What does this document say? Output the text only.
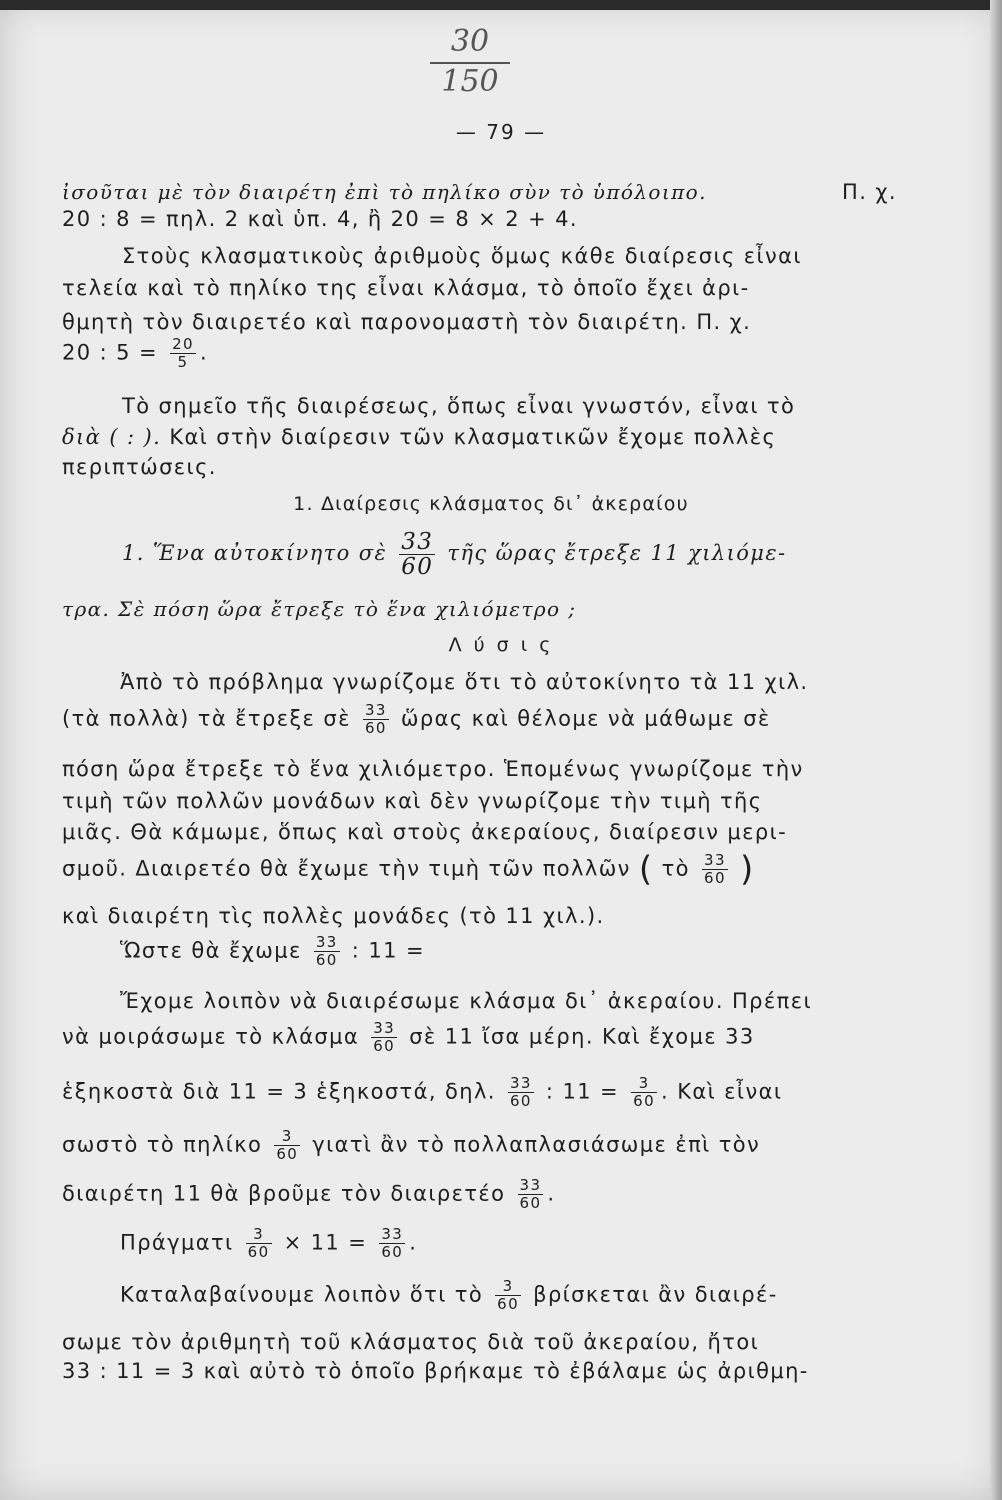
30
150
— 79 —
ἰσοῦται μὲ τὸν διαιρέτη ἐπὶ τὸ πηλίκο σὺν τὸ ὑπόλοιπο.	Π. χ.
20 : 8 = πηλ. 2 καὶ ὑπ. 4, ἢ 20 = 8 × 2 + 4.
Στοὺς κλασματικοὺς ἀριθμοὺς ὅμως κάθε διαίρεσις εἶναι
τελεία καὶ τὸ πηλίκο της εἶναι κλάσμα, τὸ ὁποῖο ἔχει ἀρι-
θμητὴ τὸν διαιρετέο καὶ παρονομαστὴ τὸν διαιρέτη. Π. χ.
20 : $5 = \frac{20}{5}$ .
Τὸ σημεῖο τῆς διαιρέσεως, ὅπως εἶναι γνωστόν, εἶναι τὸ
διὰ ( : ). Καὶ στὴν διαίρεσιν τῶν κλασματικῶν ἔχομε πολλὲς
περιπτώσεις.
1. Διαίρεσις κλάσματος δι᾿ ἀκεραίου
1. Ἕνα αὐτοκίνητο σὲ $\frac{33}{60}$ τῆς ὥρας ἔτρεξε 11 χιλιόμε-
τρα. Σὲ πόση ὥρα ἔτρεξε τὸ ἕνα χιλιόμετρο ;
Λ ύ σ ι ς
Ἀπὸ τὸ πρόβλημα γνωρίζομε ὅτι τὸ αὐτοκίνητο τὰ 11 χιλ.
(τὰ πολλὰ) τὰ ἔτρεξε σὲ $\frac{33}{60}$ ὥρας καὶ θέλομε νὰ μάθωμε σὲ
πόση ὥρα ἔτρεξε τὸ ἕνα χιλιόμετρο. Ἑπομένως γνωρίζομε τὴν
τιμὴ τῶν πολλῶν μονάδων καὶ δὲν γνωρίζομε τὴν τιμὴ τῆς
μιᾶς. Θὰ κάμωμε, ὅπως καὶ στοὺς ἀκεραίους, διαίρεσιν μερι-
σμοῦ. Διαιρετέο θὰ ἔχωμε τὴν τιμὴ τῶν πολλῶν ( τὸ $\frac{33}{60}$ )
καὶ διαιρέτη τὶς πολλὲς μονάδες (τὸ 11 χιλ.).
Ὥστε θὰ ἔχωμε $\frac{33}{60}$ : 11 =
Ἔχομε λοιπὸν νὰ διαιρέσωμε κλάσμα δι᾿ ἀκεραίου. Πρέπει
νὰ μοιράσωμε τὸ κλάσμα $\frac{33}{60}$ σὲ 11 ἴσα μέρη. Καὶ ἔχομε 33
ἑξηκοστὰ διὰ 11 = 3 ἑξηκοστά, δηλ. $\frac{33}{60}$ : $11 = \frac{3}{60}$ . Καὶ εἶναι
σωστὸ τὸ πηλίκο $\frac{3}{60}$ γιατὶ ἂν τὸ πολλαπλασιάσωμε ἐπὶ τὸν
διαιρέτη 11 θὰ βροῦμε τὸν διαιρετέο $\frac{33}{60}$ .
Πράγματι $\frac{3}{60} \times 11 = \frac{33}{60}$ .
Καταλαβαίνουμε λοιπὸν ὅτι τὸ $\frac{3}{60}$ βρίσκεται ἂν διαιρέ-
σωμε τὸν ἀριθμητὴ τοῦ κλάσματος διὰ τοῦ ἀκεραίου, ἤτοι
33 : 11 = 3 καὶ αὐτὸ τὸ ὁποῖο βρήκαμε τὸ ἐβάλαμε ὡς ἀριθμη-
